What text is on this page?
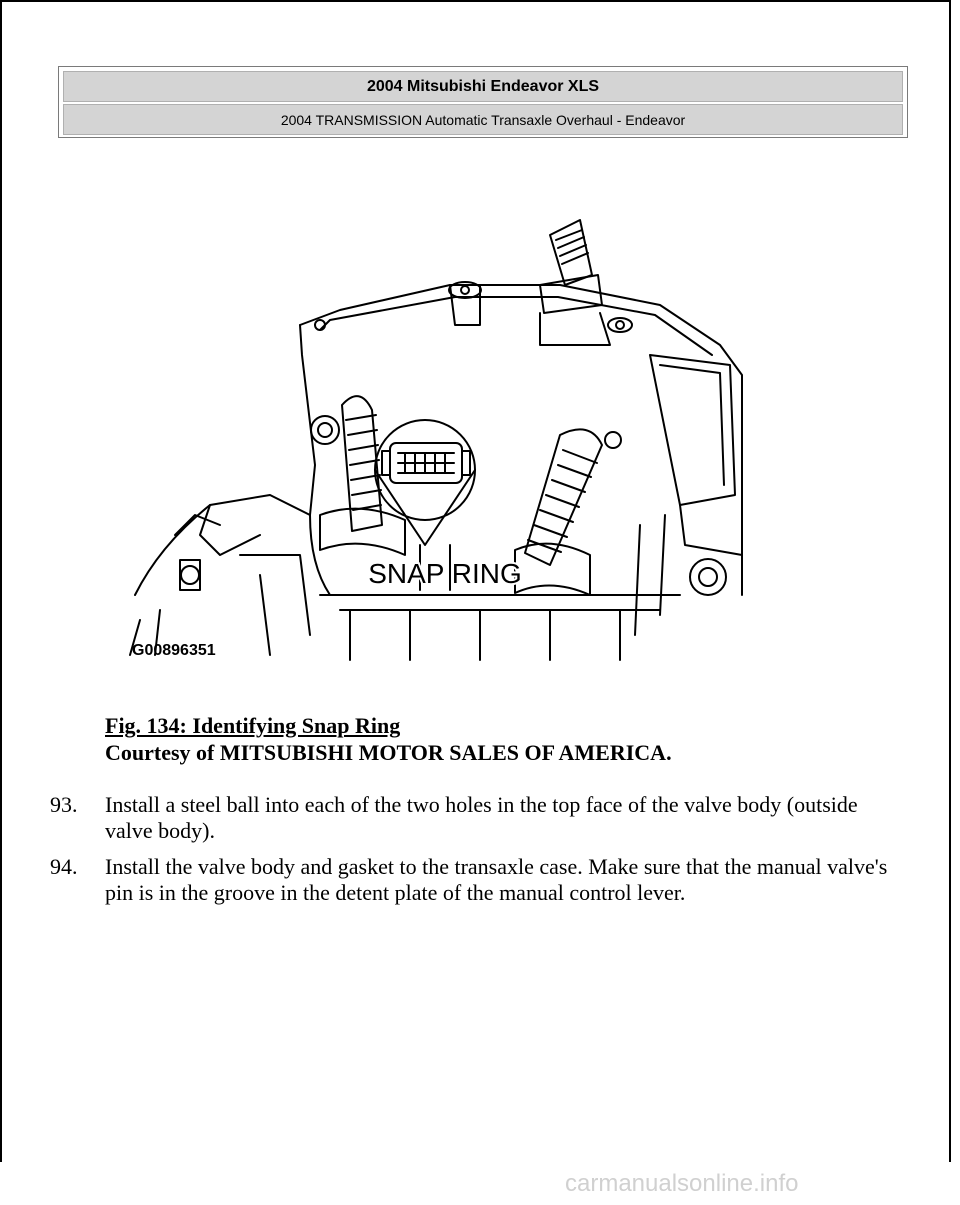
2004 Mitsubishi Endeavor XLS
2004 TRANSMISSION Automatic Transaxle Overhaul - Endeavor
SNAP RING
G00896351
Fig. 134: Identifying Snap Ring
Courtesy of MITSUBISHI MOTOR SALES OF AMERICA.
93. Install a steel ball into each of the two holes in the top face of the valve body (outside valve body).
94. Install the valve body and gasket to the transaxle case. Make sure that the manual valve's pin is in the groove in the detent plate of the manual control lever.
carmanualsonline.info
